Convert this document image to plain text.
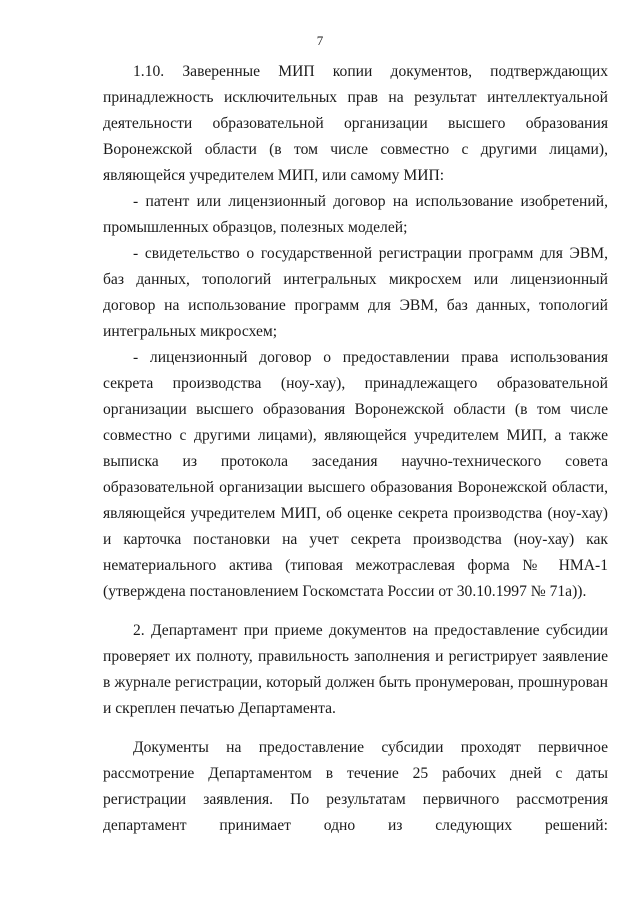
7

1.10. Заверенные МИП копии документов, подтверждающих принадлежность исключительных прав на результат интеллектуальной деятельности образовательной организации высшего образования Воронежской области (в том числе совместно с другими лицами), являющейся учредителем МИП, или самому МИП:

- патент или лицензионный договор на использование изобретений, промышленных образцов, полезных моделей;

- свидетельство о государственной регистрации программ для ЭВМ, баз данных, топологий интегральных микросхем или лицензионный договор на использование программ для ЭВМ, баз данных, топологий интегральных микросхем;

- лицензионный договор о предоставлении права использования секрета производства (ноу-хау), принадлежащего образовательной организации высшего образования Воронежской области (в том числе совместно с другими лицами), являющейся учредителем МИП, а также выписка из протокола заседания научно-технического совета образовательной организации высшего образования Воронежской области, являющейся учредителем МИП, об оценке секрета производства (ноу-хау) и карточка постановки на учет секрета производства (ноу-хау) как нематериального актива (типовая межотраслевая форма № НМА-1 (утверждена постановлением Госкомстата России от 30.10.1997 № 71а)).

2. Департамент при приеме документов на предоставление субсидии проверяет их полноту, правильность заполнения и регистрирует заявление в журнале регистрации, который должен быть пронумерован, прошнурован и скреплен печатью Департамента.

Документы на предоставление субсидии проходят первичное рассмотрение Департаментом в течение 25 рабочих дней с даты регистрации заявления. По результатам первичного рассмотрения департамент принимает одно из следующих решений:
